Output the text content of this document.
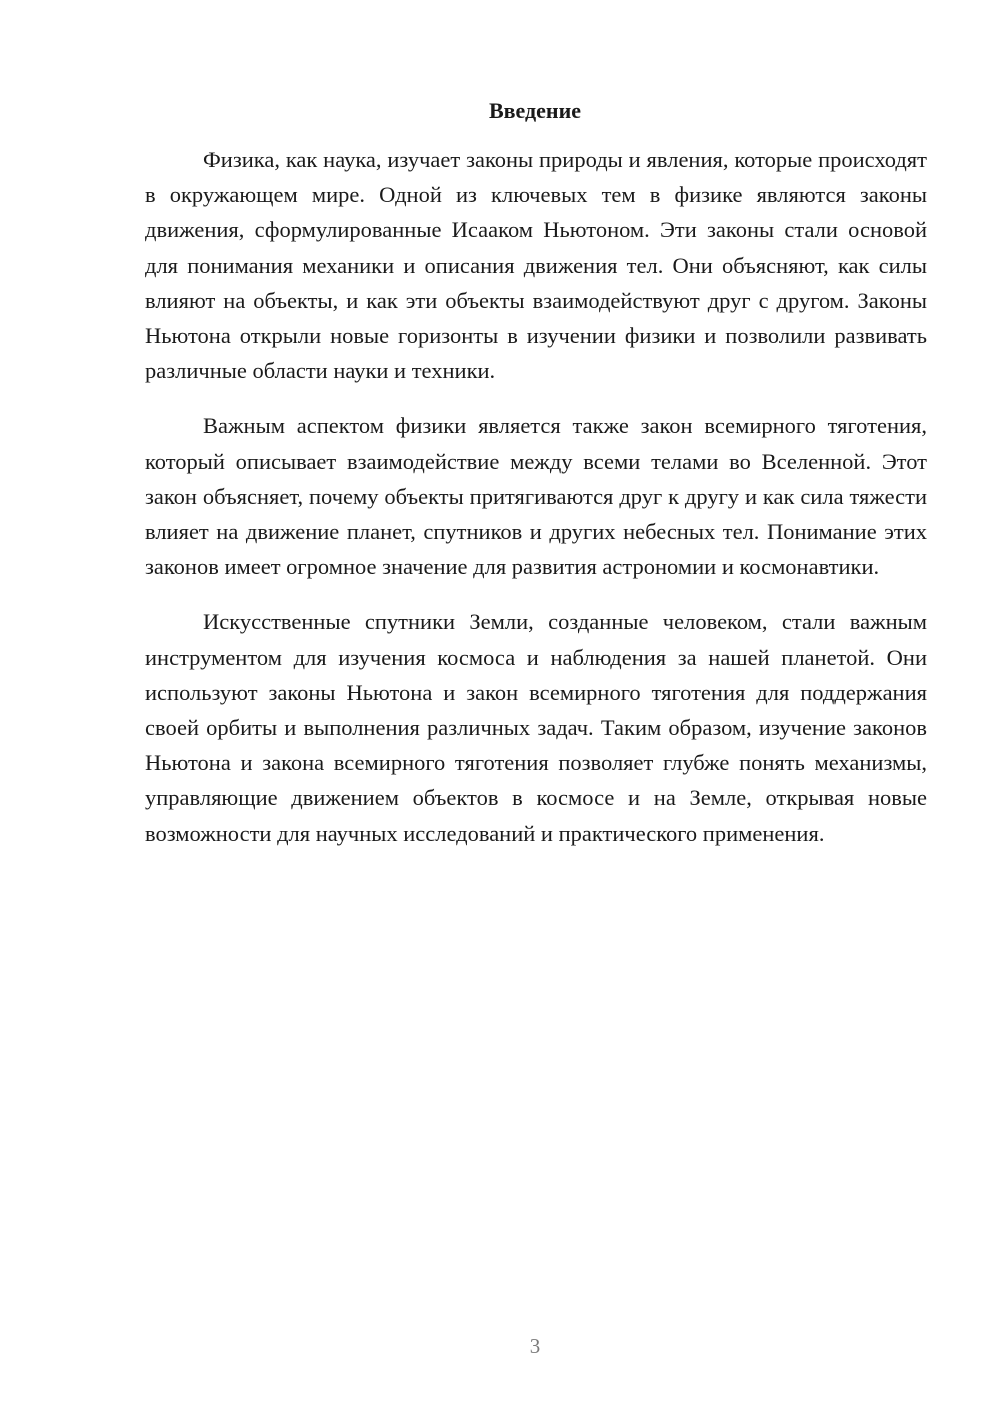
Введение

Физика, как наука, изучает законы природы и явления, которые происходят в окружающем мире. Одной из ключевых тем в физике являются законы движения, сформулированные Исааком Ньютоном. Эти законы стали основой для понимания механики и описания движения тел. Они объясняют, как силы влияют на объекты, и как эти объекты взаимодействуют друг с другом. Законы Ньютона открыли новые горизонты в изучении физики и позволили развивать различные области науки и техники.

Важным аспектом физики является также закон всемирного тяготения, который описывает взаимодействие между всеми телами во Вселенной. Этот закон объясняет, почему объекты притягиваются друг к другу и как сила тяжести влияет на движение планет, спутников и других небесных тел. Понимание этих законов имеет огромное значение для развития астрономии и космонавтики.

Искусственные спутники Земли, созданные человеком, стали важным инструментом для изучения космоса и наблюдения за нашей планетой. Они используют законы Ньютона и закон всемирного тяготения для поддержания своей орбиты и выполнения различных задач. Таким образом, изучение законов Ньютона и закона всемирного тяготения позволяет глубже понять механизмы, управляющие движением объектов в космосе и на Земле, открывая новые возможности для научных исследований и практического применения.

3
